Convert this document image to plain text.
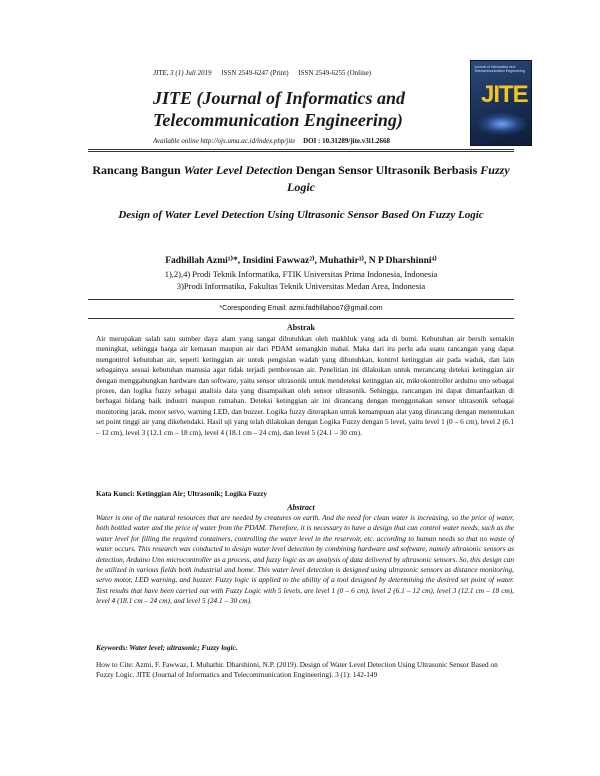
JITE, 3 (1) Juli 2019 ISSN 2549-6247 (Print) ISSN 2549-6255 (Online)
Journal of Informatics and Telecommunication Engineering
JITE
JITE (Journal of Informatics and Telecommunication Engineering)
Available online http://ojs.uma.ac.id/index.php/jite DOI : 10.31289/jite.v3i1.2668
Rancang Bangun Water Level Detection Dengan Sensor Ultrasonik Berbasis Fuzzy Logic
Design of Water Level Detection Using Ultrasonic Sensor Based On Fuzzy Logic
Fadhillah Azmi¹⁾*, Insidini Fawwaz²⁾, Muhathir³⁾, N P Dharshinni⁴⁾
1),2),4) Prodi Teknik Informatika, FTIK Universitas Prima Indonesia, Indonesia
3)Prodi Informatika, Fakultas Teknik Universitas Medan Area, Indonesia
*Coresponding Email: azmi.fadhillahoo7@gmail.com
Abstrak
Air merupakan salah satu sumber daya alam yang sangat dibutuhkan oleh makhluk yang ada di bumi. Kebutuhan air bersih semakin meningkat, sehingga harga air kemasan maupun air dari PDAM semangkin mahal. Maka dari itu perlu ada suatu rancangan yang dapat mengontrol kebutuhan air, seperti ketinggian air untuk pengisian wadah yang dibutuhkan, kontrol ketinggian air pada waduk, dan lain sebagainya sesuai kebutuhan manusia agar tidak terjadi pemborosan air. Penelitian ini dilakukan untuk merancang deteksi ketinggian air dengan menggabungkan hardware dan software, yaitu sensor ultrasonik untuk mendeteksi ketinggian air, mikrokontroller arduino uno sebagai proses, dan logika fuzzy sebagai analisis data yang disampaikan oleh sensor ultrasonik. Sehingga, rancangan ini dapat dimanfaatkan di berbagai bidang baik industri maupun rumahan. Deteksi ketinggian air ini dirancang dengan menggunakan sensor ultrasonik sebagai monitoring jarak, motor servo, warning LED, dan buzzer. Logika fuzzy diterapkan untuk kemampuan alat yang dirancang dengan menentukan set point tinggi air yang dikehendaki. Hasil uji yang telah dilakukan dengan Logika Fuzzy dengan 5 level, yaitu level 1 (0 – 6 cm), level 2 (6.1 – 12 cm), level 3 (12.1 cm – 18 cm), level 4 (18.1 cm – 24 cm), dan level 5 (24.1 – 30 cm).
Kata Kunci: Ketinggian Air; Ultrasonik; Logika Fuzzy
Abstract
Water is one of the natural resources that are needed by creatures on earth. And the need for clean water is increasing, so the price of water, both bottled water and the price of water from the PDAM. Therefore, it is necessary to have a design that can control water needs, such as the water level for filling the required containers, controlling the water level in the reservoir, etc. according to human needs so that no waste of water occurs. This research was conducted to design water level detection by combining hardware and software, namely ultrasonic sensors as detection, Arduino Uno microcontroller as a process, and fuzzy logic as an analysis of data delivered by ultrasonic sensors. So, this design can be utilized in various fields both industrial and home. This water level detection is designed using ultrasonic sensors as distance monitoring, servo motor, LED warning, and buzzer. Fuzzy logic is applied to the ability of a tool designed by determining the desired set point of water. Test results that have been carried out with Fuzzy Logic with 5 levels, are level 1 (0 – 6 cm), level 2 (6.1 – 12 cm), level 3 (12.1 cm – 18 cm), level 4 (18.1 cm – 24 cm), and level 5 (24.1 – 30 cm).
Keywords: Water level; ultrasonic; Fuzzy logic.
How to Cite: Azmi, F. Fawwaz, I. Muhathir. Dharshinni, N.P. (2019). Design of Water Level Detection Using Ultrasonic Sensor Based on Fuzzy Logic. JITE (Journal of Informatics and Telecommunication Engineering). 3 (1): 142-149
